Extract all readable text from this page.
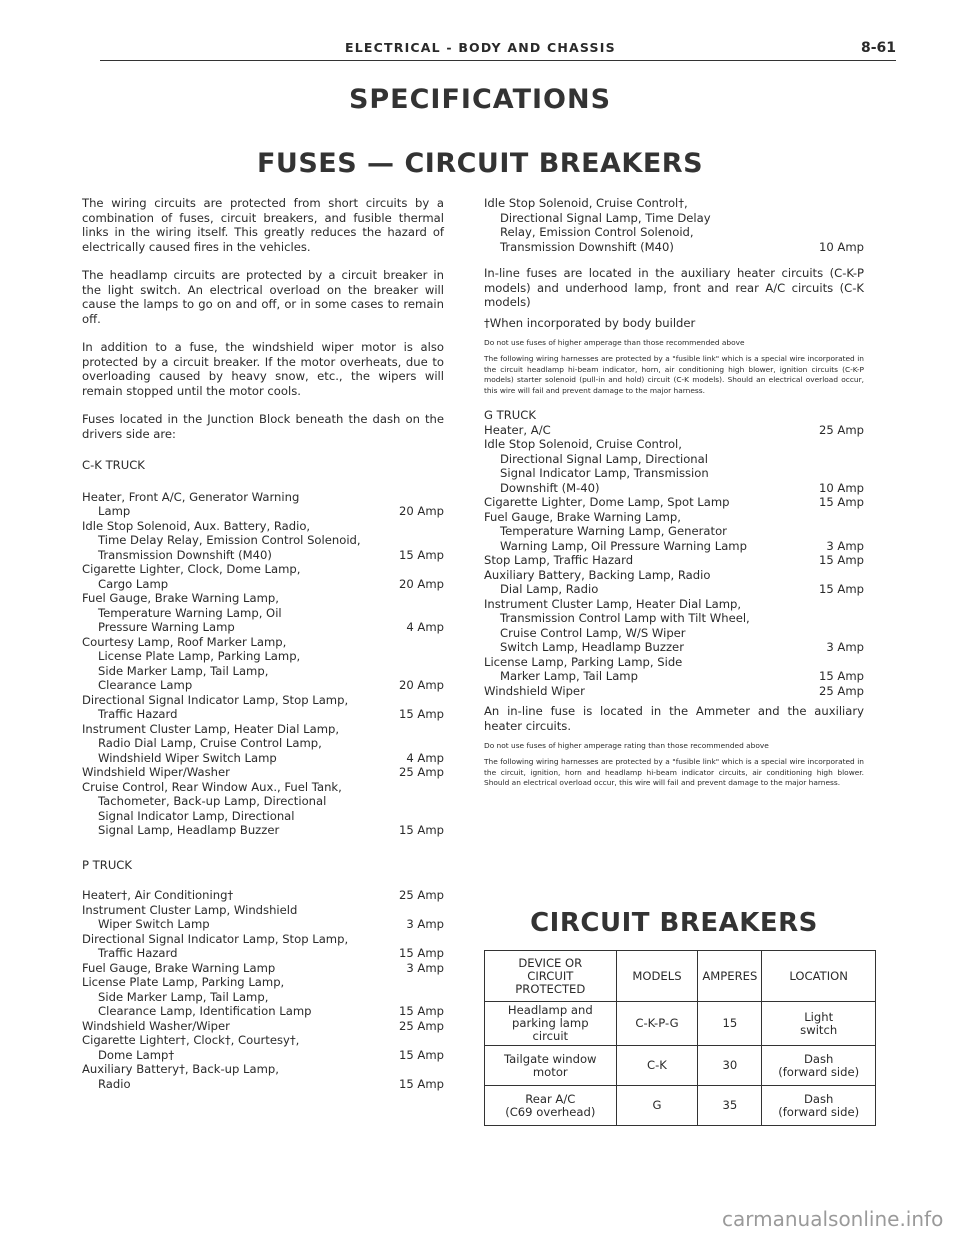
ELECTRICAL - BODY AND CHASSIS	8-61
SPECIFICATIONS
FUSES — CIRCUIT BREAKERS

The wiring circuits are protected from short circuits by a combination of fuses, circuit breakers, and fusible thermal links in the wiring itself. This greatly reduces the hazard of electrically caused fires in the vehicles.

The headlamp circuits are protected by a circuit breaker in the light switch. An electrical overload on the breaker will cause the lamps to go on and off, or in some cases to remain off.

In addition to a fuse, the windshield wiper motor is also protected by a circuit breaker. If the motor overheats, due to overloading caused by heavy snow, etc., the wipers will remain stopped until the motor cools.

Fuses located in the Junction Block beneath the dash on the drivers side are:

C-K TRUCK

Heater, Front A/C, Generator Warning
Lamp	20 Amp
Idle Stop Solenoid, Aux. Battery, Radio,
Time Delay Relay, Emission Control Solenoid,
Transmission Downshift (M40)	15 Amp
Cigarette Lighter, Clock, Dome Lamp,
Cargo Lamp	20 Amp
Fuel Gauge, Brake Warning Lamp,
Temperature Warning Lamp, Oil
Pressure Warning Lamp	4 Amp
Courtesy Lamp, Roof Marker Lamp,
License Plate Lamp, Parking Lamp,
Side Marker Lamp, Tail Lamp,
Clearance Lamp	20 Amp
Directional Signal Indicator Lamp, Stop Lamp,
Traffic Hazard	15 Amp
Instrument Cluster Lamp, Heater Dial Lamp,
Radio Dial Lamp, Cruise Control Lamp,
Windshield Wiper Switch Lamp	4 Amp
Windshield Wiper/Washer	25 Amp
Cruise Control, Rear Window Aux., Fuel Tank,
Tachometer, Back-up Lamp, Directional
Signal Indicator Lamp, Directional
Signal Lamp, Headlamp Buzzer	15 Amp

P TRUCK

Heater†, Air Conditioning†	25 Amp
Instrument Cluster Lamp, Windshield
Wiper Switch Lamp	3 Amp
Directional Signal Indicator Lamp, Stop Lamp,
Traffic Hazard	15 Amp
Fuel Gauge, Brake Warning Lamp	3 Amp
License Plate Lamp, Parking Lamp,
Side Marker Lamp, Tail Lamp,
Clearance Lamp, Identification Lamp	15 Amp
Windshield Washer/Wiper	25 Amp
Cigarette Lighter†, Clock†, Courtesy†,
Dome Lamp†	15 Amp
Auxiliary Battery†, Back-up Lamp,
Radio	15 Amp
Idle Stop Solenoid, Cruise Control†,
Directional Signal Lamp, Time Delay
Relay, Emission Control Solenoid,
Transmission Downshift (M40)	10 Amp

In-line fuses are located in the auxiliary heater circuits (C-K-P models) and underhood lamp, front and rear A/C circuits (C-K models)

†When incorporated by body builder

Do not use fuses of higher amperage than those recommended above

The following wiring harnesses are protected by a "fusible link" which is a special wire incorporated in the circuit headlamp hi-beam indicator, horn, air conditioning high blower, ignition circuits (C-K-P models) starter solenoid (pull-in and hold) circuit (C-K models). Should an electrical overload occur, this wire will fail and prevent damage to the major harness.

G TRUCK

Heater, A/C	25 Amp
Idle Stop Solenoid, Cruise Control,
Directional Signal Lamp, Directional
Signal Indicator Lamp, Transmission
Downshift (M-40)	10 Amp
Cigarette Lighter, Dome Lamp, Spot Lamp	15 Amp
Fuel Gauge, Brake Warning Lamp,
Temperature Warning Lamp, Generator
Warning Lamp, Oil Pressure Warning Lamp	3 Amp
Stop Lamp, Traffic Hazard	15 Amp
Auxiliary Battery, Backing Lamp, Radio
Dial Lamp, Radio	15 Amp
Instrument Cluster Lamp, Heater Dial Lamp,
Transmission Control Lamp with Tilt Wheel,
Cruise Control Lamp, W/S Wiper
Switch Lamp, Headlamp Buzzer	3 Amp
License Lamp, Parking Lamp, Side
Marker Lamp, Tail Lamp	15 Amp
Windshield Wiper	25 Amp

An in-line fuse is located in the Ammeter and the auxiliary heater circuits.

Do not use fuses of higher amperage rating than those recommended above

The following wiring harnesses are protected by a "fusible link" which is a special wire incorporated in the circuit, ignition, horn and headlamp hi-beam indicator circuits, air conditioning high blower. Should an electrical overload occur, this wire will fail and prevent damage to the major harness.

CIRCUIT BREAKERS
DEVICE OR
CIRCUIT
PROTECTED	MODELS	AMPERES	LOCATION
Headlamp and
parking lamp
circuit	C-K-P-G	15	Light
switch
Tailgate window
motor	C-K	30	Dash
(forward side)
Rear A/C
(C69 overhead)	G	35	Dash
(forward side)
carmanualsonline.info
